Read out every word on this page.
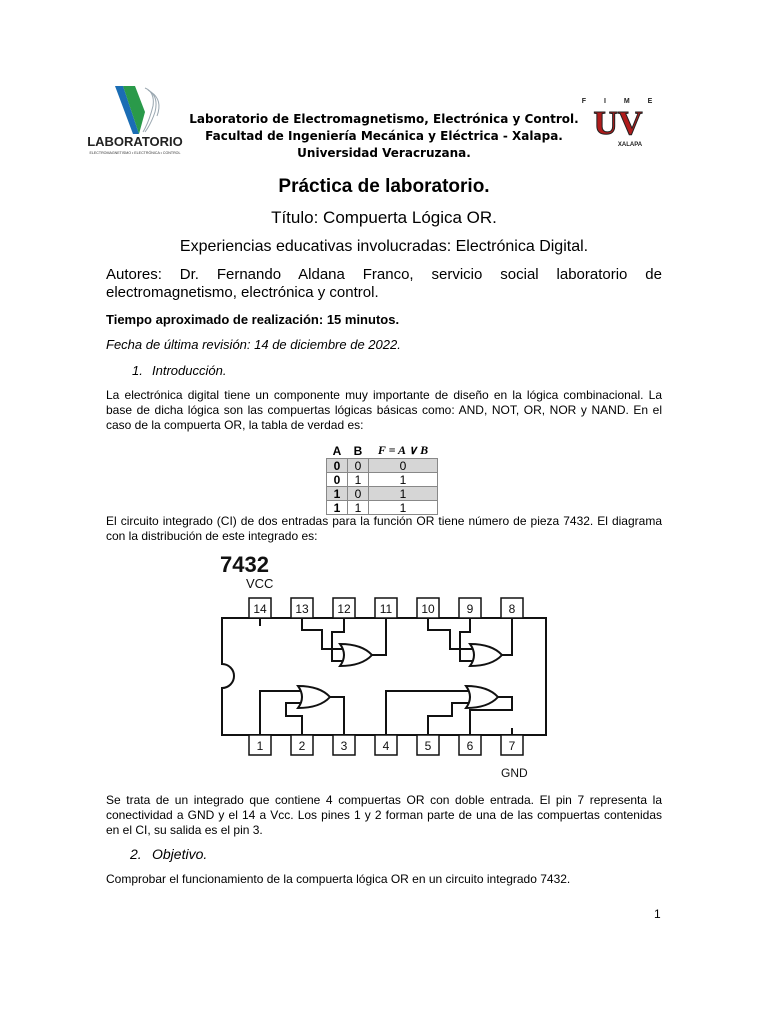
LABORATORIO
ELECTROMAGNETISMO • ELECTRÓNICA • CONTROL
Laboratorio de Electromagnetismo, Electrónica y Control.
Facultad de Ingeniería Mecánica y Eléctrica - Xalapa.
Universidad Veracruzana.
F I M E
UV
XALAPA
Práctica de laboratorio.
Título: Compuerta Lógica OR.
Experiencias educativas involucradas: Electrónica Digital.
Autores: Dr. Fernando Aldana Franco, servicio social laboratorio de electromagnetismo, electrónica y control.
Tiempo aproximado de realización: 15 minutos.
Fecha de última revisión: 14 de diciembre de 2022.
1. Introducción.
La electrónica digital tiene un componente muy importante de diseño en la lógica combinacional. La base de dicha lógica son las compuertas lógicas básicas como: AND, NOT, OR, NOR y NAND. En el caso de la compuerta OR, la tabla de verdad es:
A	B	F = A ∨ B
0	0	0
0	1	1
1	0	1
1	1	1
El circuito integrado (CI) de dos entradas para la función OR tiene número de pieza 7432. El diagrama con la distribución de este integrado es:
7432
VCC
GND
14 13 12 11 10	9	8
1	2	3	4	5	6	7
Se trata de un integrado que contiene 4 compuertas OR con doble entrada. El pin 7 representa la conectividad a GND y el 14 a Vcc. Los pines 1 y 2 forman parte de una de las compuertas contenidas en el CI, su salida es el pin 3.
2. Objetivo.
Comprobar el funcionamiento de la compuerta lógica OR en un circuito integrado 7432.
1
